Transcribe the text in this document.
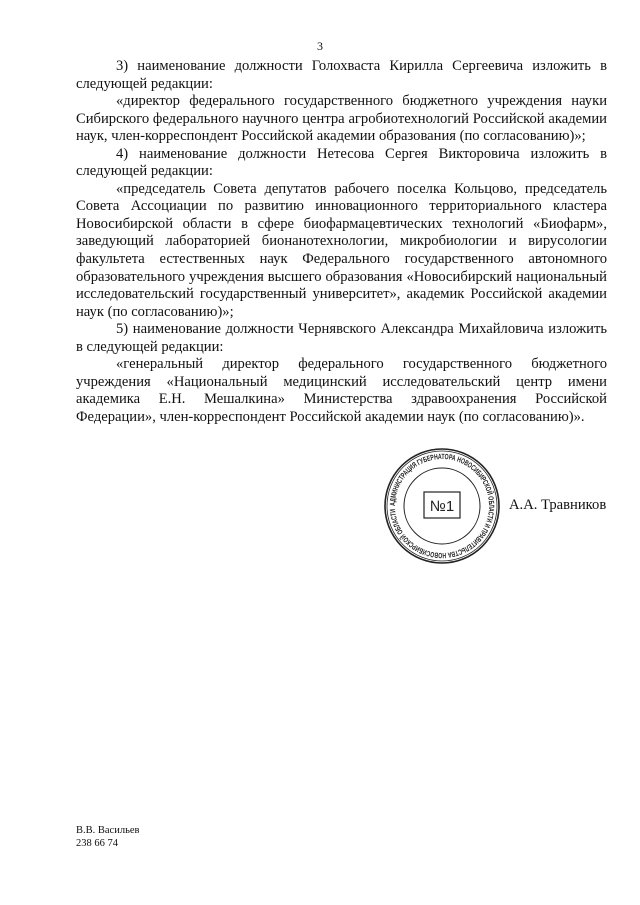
3

3) наименование должности Голохваста Кирилла Сергеевича изложить в следующей редакции:

«директор федерального государственного бюджетного учреждения науки Сибирского федерального научного центра агробиотехнологий Российской академии наук, член-корреспондент Российской академии образования (по согласованию)»;

4) наименование должности Нетесова Сергея Викторовича изложить в следующей редакции:

«председатель Совета депутатов рабочего поселка Кольцово, председатель Совета Ассоциации по развитию инновационного территориального кластера Новосибирской области в сфере биофармацевтических технологий «Биофарм», заведующий лабораторией бионанотехнологии, микробиологии и вирусологии факультета естественных наук Федерального государственного автономного образовательного учреждения высшего образования «Новосибирский национальный исследовательский государственный университет», академик Российской академии наук (по согласованию)»;

5) наименование должности Чернявского Александра Михайловича изложить в следующей редакции:

«генеральный директор федерального государственного бюджетного учреждения «Национальный медицинский исследовательский центр имени академика Е.Н. Мешалкина» Министерства здравоохранения Российской Федерации», член-корреспондент Российской академии наук (по согласованию)».

АДМИНИСТРАЦИЯ ГУБЕРНАТОРА НОВОСИБИРСКОЙ ОБЛАСТИ И ПРАВИТЕЛЬСТВА НОВОСИБИРСКОЙ ОБЛАСТИ	№1	А.А. Травников
В.В. Васильев
238 66 74
